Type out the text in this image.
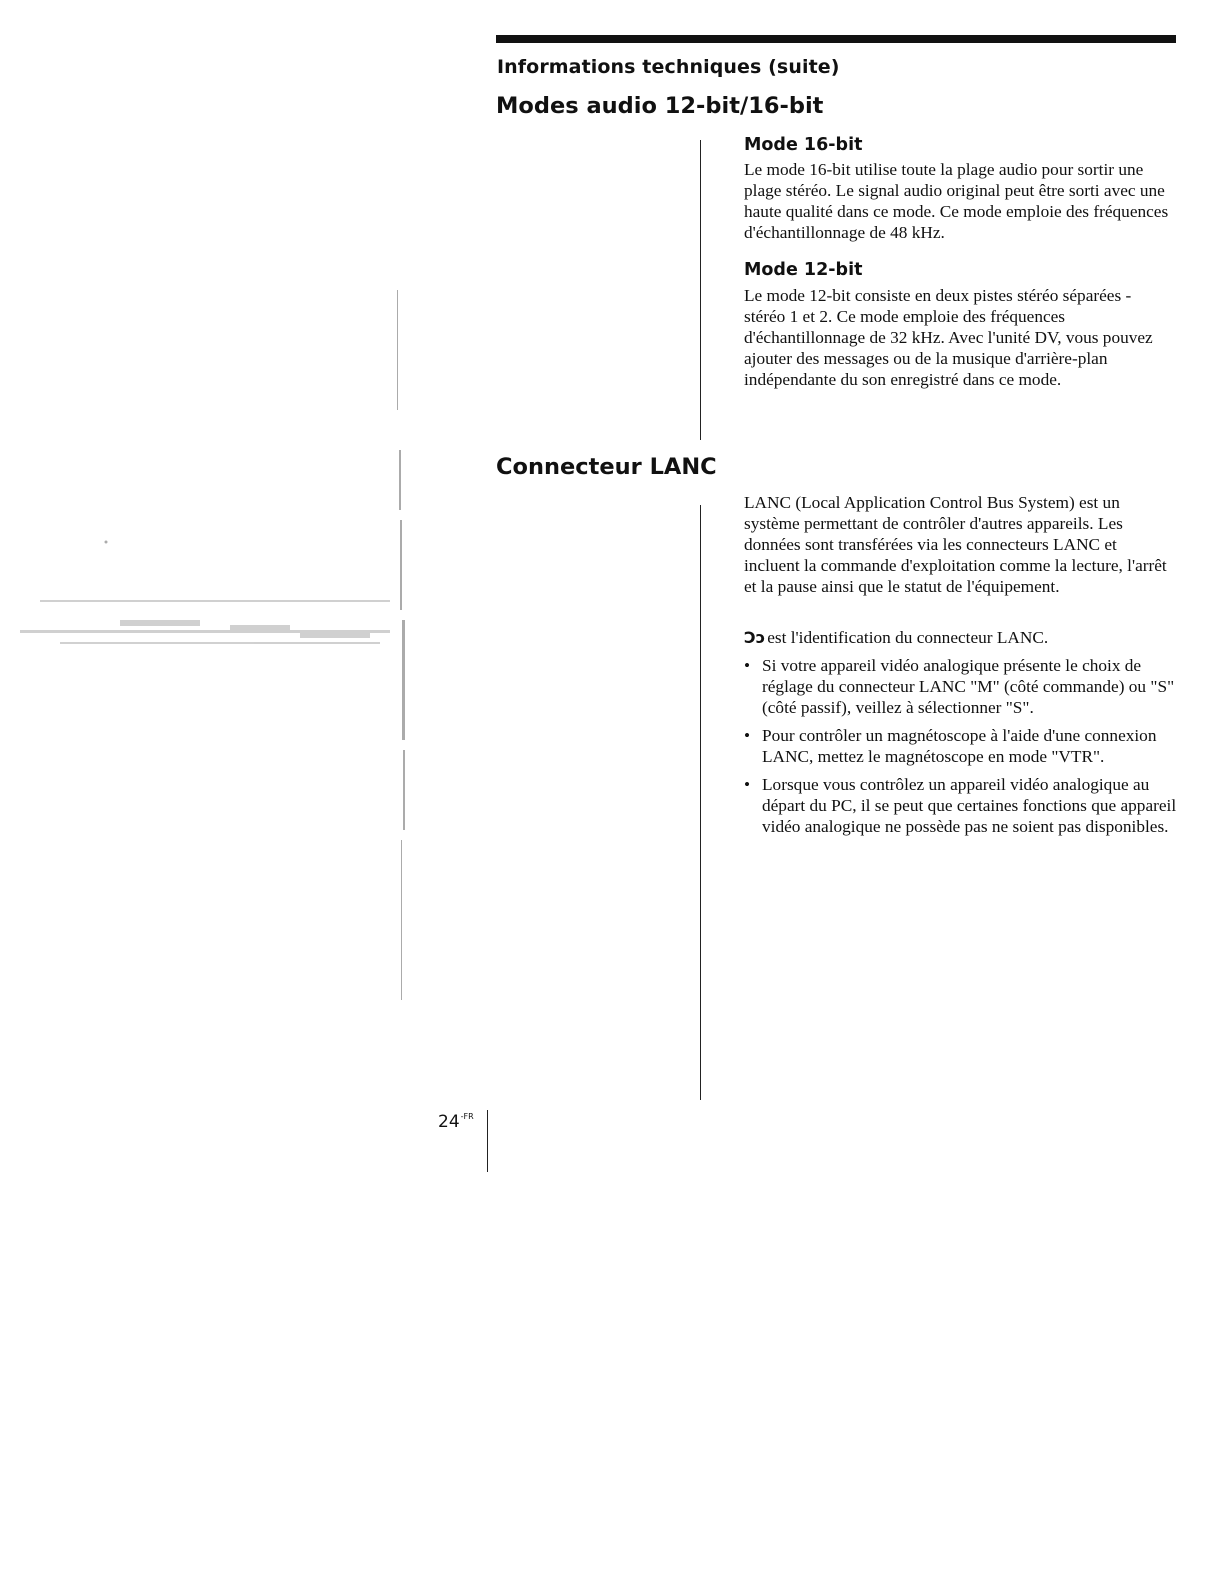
Informations techniques (suite)
Modes audio 12-bit/16-bit
Mode 16-bit

Le mode 16-bit utilise toute la plage audio pour sortir une plage stéréo. Le signal audio original peut être sorti avec une haute qualité dans ce mode. Ce mode emploie des fréquences d'échantillonnage de 48 kHz.

Mode 12-bit

Le mode 12-bit consiste en deux pistes stéréo séparées - stéréo 1 et 2. Ce mode emploie des fréquences d'échantillonnage de 32 kHz. Avec l'unité DV, vous pouvez ajouter des messages ou de la musique d'arrière-plan indépendante du son enregistré dans ce mode.

Connecteur LANC

LANC (Local Application Control Bus System) est un système permettant de contrôler d'autres appareils. Les données sont transférées via les connecteurs LANC et incluent la commande d'exploitation comme la lecture, l'arrêt et la pause ainsi que le statut de l'équipement.

Ɔɔ est l'identification du connecteur LANC.

• Si votre appareil vidéo analogique présente le choix de réglage du connecteur LANC "M" (côté commande) ou "S" (côté passif), veillez à sélectionner "S".
• Pour contrôler un magnétoscope à l'aide d'une connexion LANC, mettez le magnétoscope en mode "VTR".
• Lorsque vous contrôlez un appareil vidéo analogique au départ du PC, il se peut que certaines fonctions que appareil vidéo analogique ne possède pas ne soient pas disponibles.
$24^{-FR}$
